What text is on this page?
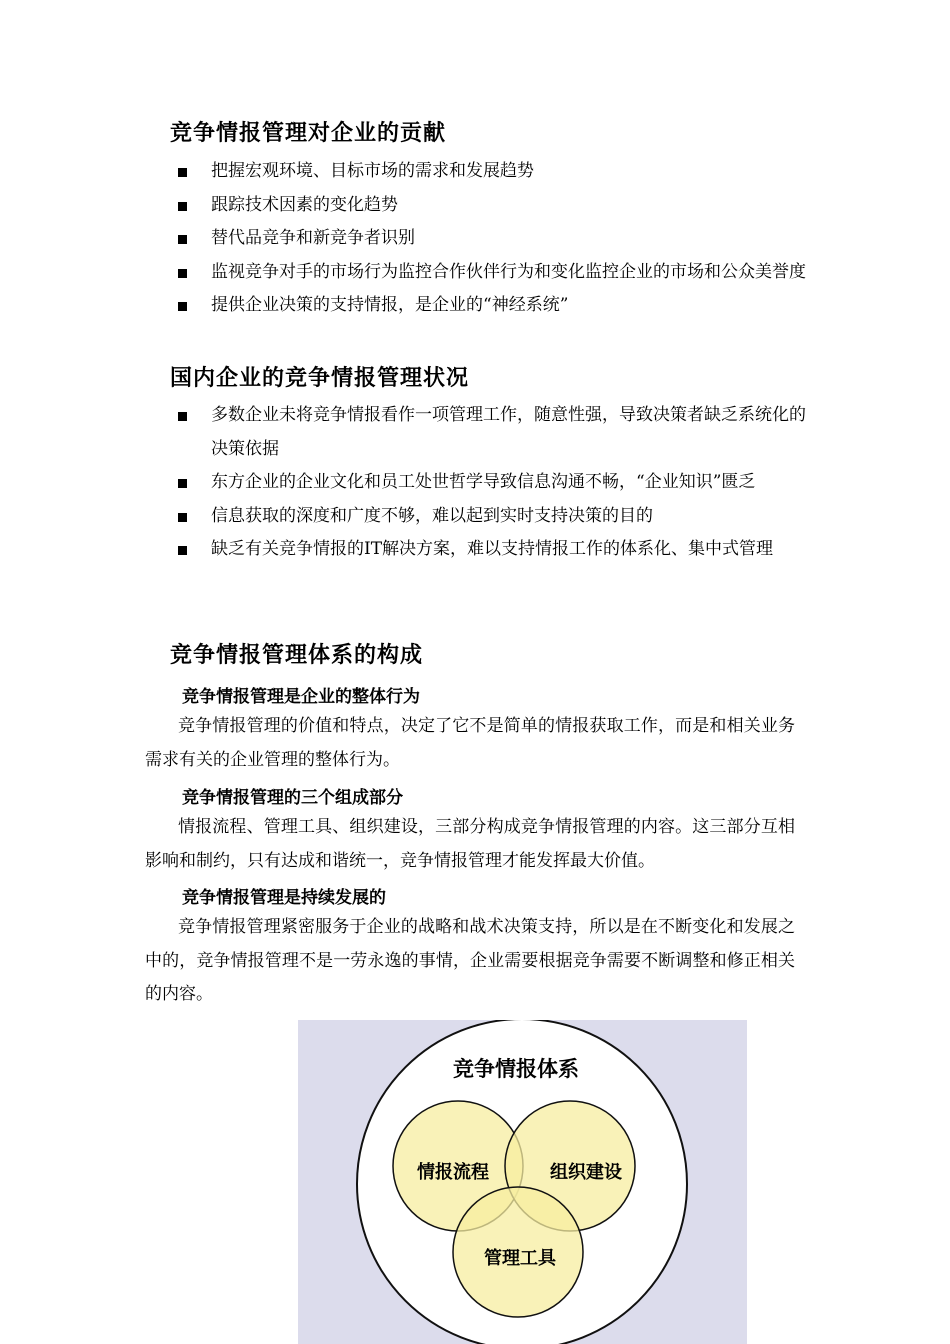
竞争情报管理对企业的贡献
把握宏观环境、目标市场的需求和发展趋势
跟踪技术因素的变化趋势
替代品竞争和新竞争者识别
监视竞争对手的市场行为监控合作伙伴行为和变化监控企业的市场和公众美誉度
提供企业决策的支持情报，是企业的“神经系统”
国内企业的竞争情报管理状况
多数企业未将竞争情报看作一项管理工作，随意性强，导致决策者缺乏系统化的决策依据
东方企业的企业文化和员工处世哲学导致信息沟通不畅，“企业知识”匮乏
信息获取的深度和广度不够，难以起到实时支持决策的目的
缺乏有关竞争情报的IT解决方案，难以支持情报工作的体系化、集中式管理
竞争情报管理体系的构成
竞争情报管理是企业的整体行为

竞争情报管理的价值和特点，决定了它不是简单的情报获取工作，而是和相关业务需求有关的企业管理的整体行为。

竞争情报管理的三个组成部分

情报流程、管理工具、组织建设，三部分构成竞争情报管理的内容。这三部分互相影响和制约，只有达成和谐统一，竞争情报管理才能发挥最大价值。

竞争情报管理是持续发展的

竞争情报管理紧密服务于企业的战略和战术决策支持，所以是在不断变化和发展之中的，竞争情报管理不是一劳永逸的事情，企业需要根据竞争需要不断调整和修正相关的内容。

竞争情报体系
情报流程	组织建设
管理工具
